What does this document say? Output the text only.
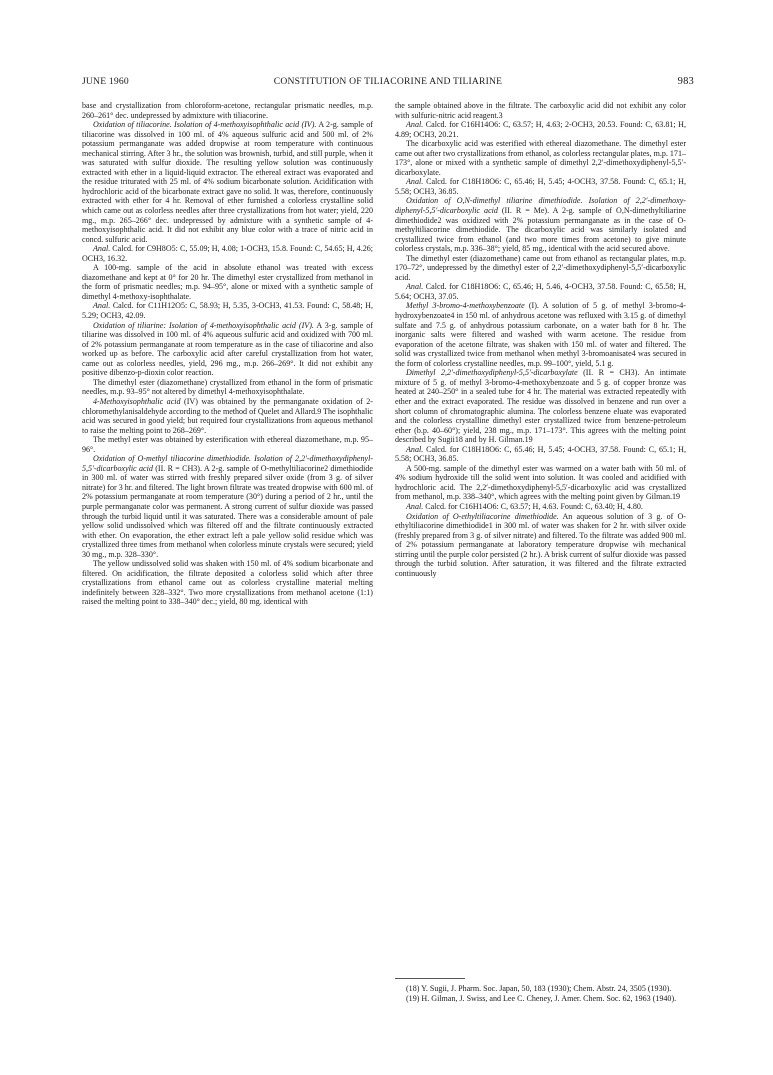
JUNE 1960	CONSTITUTION OF TILIACORINE AND TILIARINE	983

base and crystallization from chloroform-acetone, rectangular prismatic needles, m.p. 260–261° dec. undepressed by admixture with tiliacorine.

Oxidation of tiliacorine. Isolation of 4-methoxyisophthalic acid (IV). A 2-g. sample of tiliacorine was dissolved in 100 ml. of 4% aqueous sulfuric acid and 500 ml. of 2% potassium permanganate was added dropwise at room temperature with continuous mechanical stirring. After 3 hr., the solution was brownish, turbid, and still purple, when it was saturated with sulfur dioxide. The resulting yellow solution was continuously extracted with ether in a liquid-liquid extractor. The ethereal extract was evaporated and the residue triturated with 25 ml. of 4% sodium bicarbonate solution. Acidification with hydrochloric acid of the bicarbonate extract gave no solid. It was, therefore, continuously extracted with ether for 4 hr. Removal of ether furnished a colorless crystalline solid which came out as colorless needles after three crystallizations from hot water; yield, 220 mg., m.p. 265–266° dec. undepressed by admixture with a synthetic sample of 4-methoxyisophthalic acid. It did not exhibit any blue color with a trace of nitric acid in concd. sulfuric acid.

Anal. Calcd. for C9H8O5: C, 55.09; H, 4.08; 1-OCH3, 15.8. Found: C, 54.65; H, 4.26; OCH3, 16.32.

A 100-mg. sample of the acid in absolute ethanol was treated with excess diazomethane and kept at 0° for 20 hr. The dimethyl ester crystallized from methanol in the form of prismatic needles; m.p. 94–95°, alone or mixed with a synthetic sample of dimethyl 4-methoxy-isophthalate.

Anal. Calcd. for C11H12O5: C, 58.93; H, 5.35, 3-OCH3, 41.53. Found: C, 58.48; H, 5.29; OCH3, 42.09.

Oxidation of tiliarine: Isolation of 4-methoxyisophthalic acid (IV). A 3-g. sample of tiliarine was dissolved in 100 ml. of 4% aqueous sulfuric acid and oxidized with 700 ml. of 2% potassium permanganate at room temperature as in the case of tiliacorine and also worked up as before. The carboxylic acid after careful crystallization from hot water, came out as colorless needles, yield, 296 mg., m.p. 266–269°. It did not exhibit any positive dibenzo-p-dioxin color reaction.

The dimethyl ester (diazomethane) crystallized from ethanol in the form of prismatic needles, m.p. 93–95° not altered by dimethyl 4-methoxyisophthalate.

4-Methoxyisophthalic acid (IV) was obtained by the permanganate oxidation of 2-chloromethylanisaldehyde according to the method of Quelet and Allard.9 The isophthalic acid was secured in good yield; but required four crystallizations from aqueous methanol to raise the melting point to 268–269°.

The methyl ester was obtained by esterification with ethereal diazomethane, m.p. 95–96°.

Oxidation of O-methyl tiliacorine dimethiodide. Isolation of 2,2′-dimethoxydiphenyl-5,5′-dicarboxylic acid (II. R = CH3). A 2-g. sample of O-methyltiliacorine2 dimethiodide in 300 ml. of water was stirred with freshly prepared silver oxide (from 3 g. of silver nitrate) for 3 hr. and filtered. The light brown filtrate was treated dropwise with 600 ml. of 2% potassium permanganate at room temperature (30°) during a period of 2 hr., until the purple permanganate color was permanent. A strong current of sulfur dioxide was passed through the turbid liquid until it was saturated. There was a considerable amount of pale yellow solid undissolved which was filtered off and the filtrate continuously extracted with ether. On evaporation, the ether extract left a pale yellow solid residue which was crystallized three times from methanol when colorless minute crystals were secured; yield 30 mg., m.p. 328–330°.

The yellow undissolved solid was shaken with 150 ml. of 4% sodium bicarbonate and filtered. On acidification, the filtrate deposited a colorless solid which after three crystallizations from ethanol came out as colorless crystalline material melting indefinitely between 328–332°. Two more crystallizations from methanol acetone (1:1) raised the melting point to 338–340° dec.; yield, 80 mg. identical with

the sample obtained above in the filtrate. The carboxylic acid did not exhibit any color with sulfuric-nitric acid reagent.3

Anal. Calcd. for C16H14O6: C, 63.57; H, 4.63; 2-OCH3, 20.53. Found: C, 63.81; H, 4.89; OCH3, 20.21.

The dicarboxylic acid was esterified with ethereal diazomethane. The dimethyl ester came out after two crystallizations from ethanol, as colorless rectangular plates, m.p. 171–173°, alone or mixed with a synthetic sample of dimethyl 2,2′-dimethoxydiphenyl-5,5′-dicarboxylate.

Anal. Calcd. for C18H18O6: C, 65.46; H, 5.45; 4-OCH3, 37.58. Found: C, 65.1; H, 5.58; OCH3, 36.85.

Oxidation of O,N-dimethyl tiliarine dimethiodide. Isolation of 2,2′-dimethoxy-diphenyl-5,5′-dicarboxylic acid (II. R = Me). A 2-g. sample of O,N-dimethyltiliarine dimethiodide2 was oxidized with 2% potassium permanganate as in the case of O-methyltiliacorine dimethiodide. The dicarboxylic acid was similarly isolated and crystallized twice from ethanol (and two more times from acetone) to give minute colorless crystals, m.p. 336–38°; yield, 85 mg., identical with the acid secured above.

The dimethyl ester (diazomethane) came out from ethanol as rectangular plates, m.p. 170–72°, undepressed by the dimethyl ester of 2,2′-dimethoxydiphenyl-5,5′-dicarboxylic acid.

Anal. Calcd. for C18H18O6: C, 65.46; H, 5.46, 4-OCH3, 37.58. Found: C, 65.58; H, 5.64; OCH3, 37.05.

Methyl 3-bromo-4-methoxybenzoate (I). A solution of 5 g. of methyl 3-bromo-4-hydroxybenzoate4 in 150 ml. of anhydrous acetone was refluxed with 3.15 g. of dimethyl sulfate and 7.5 g. of anhydrous potassium carbonate, on a water bath for 8 hr. The inorganic salts were filtered and washed with warm acetone. The residue from evaporation of the acetone filtrate, was shaken with 150 ml. of water and filtered. The solid was crystallized twice from methanol when methyl 3-bromoanisate4 was secured in the form of colorless crystalline needles, m.p. 99–100°, yield, 5.1 g.

Dimethyl 2,2′-dimethoxydiphenyl-5,5′-dicarboxylate (II. R = CH3). An intimate mixture of 5 g. of methyl 3-bromo-4-methoxybenzoate and 5 g. of copper bronze was heated at 240–250° in a sealed tube for 4 hr. The material was extracted repeatedly with ether and the extract evaporated. The residue was dissolved in benzene and run over a short column of chromatographic alumina. The colorless benzene eluate was evaporated and the colorless crystalline dimethyl ester crystallized twice from benzene-petroleum ether (b.p. 40–60°); yield, 238 mg., m.p. 171–173°. This agrees with the melting point described by Sugii18 and by H. Gilman.19

Anal. Calcd. for C18H18O6: C, 65.46; H, 5.45; 4-OCH3, 37.58. Found: C, 65.1; H, 5.58; OCH3, 36.85.

A 500-mg. sample of the dimethyl ester was warmed on a water bath with 50 ml. of 4% sodium hydroxide till the solid went into solution. It was cooled and acidified with hydrochloric acid. The 2,2′-dimethoxydiphenyl-5,5′-dicarboxylic acid was crystallized from methanol, m.p. 338–340°, which agrees with the melting point given by Gilman.19

Anal. Calcd. for C16H14O6: C, 63.57; H, 4.63. Found: C, 63.40; H, 4.80.

Oxidation of O-ethyltiliacorine dimethiodide. An aqueous solution of 3 g. of O-ethyltiliacorine dimethiodide1 in 300 ml. of water was shaken for 2 hr. with silver oxide (freshly prepared from 3 g. of silver nitrate) and filtered. To the filtrate was added 900 ml. of 2% potassium permanganate at laboratory temperature dropwise wih mechanical stirring until the purple color persisted (2 hr.). A brisk current of sulfur dioxide was passed through the turbid solution. After saturation, it was filtered and the filtrate extracted continuously

(18) Y. Sugii, J. Pharm. Soc. Japan, 50, 183 (1930); Chem. Abstr. 24, 3505 (1930).

(19) H. Gilman, J. Swiss, and Lee C. Cheney, J. Amer. Chem. Soc. 62, 1963 (1940).
